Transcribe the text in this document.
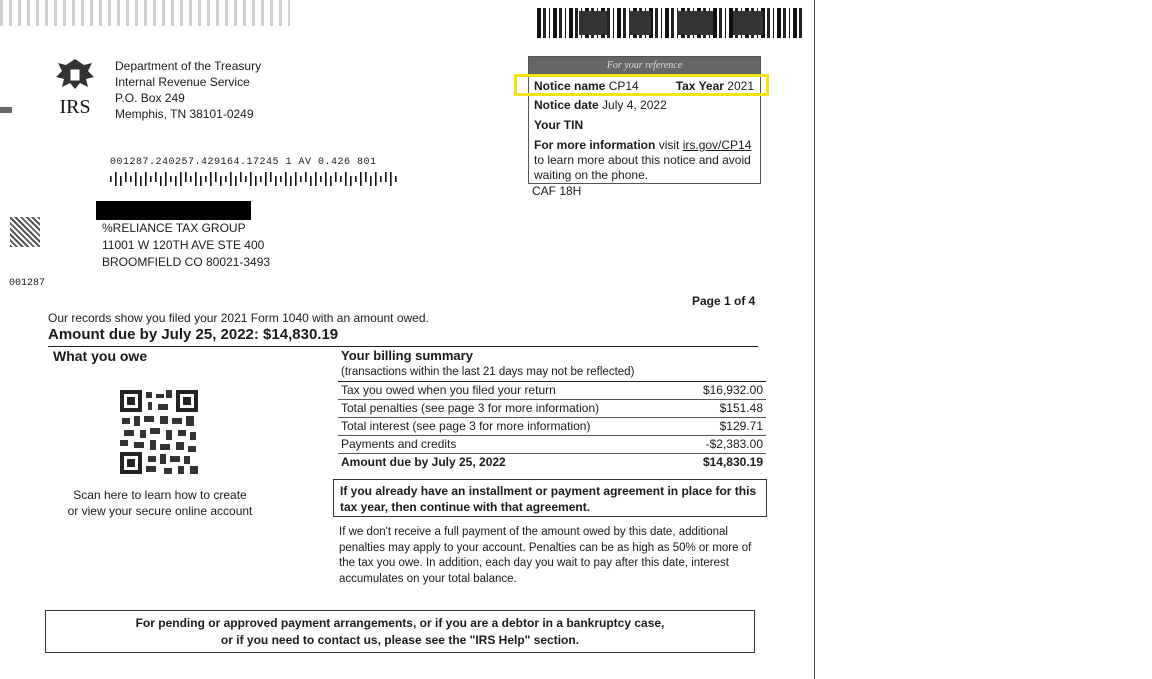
IRS
Department of the Treasury
Internal Revenue Service
P.O. Box 249
Memphis, TN 38101-0249
For your reference
Notice name CP14	Tax Year 2021
Notice date July 4, 2022
Your TIN
For more information visit irs.gov/CP14
to learn more about this notice and avoid
waiting on the phone.
CAF 18H
001287.240257.429164.17245 1 AV 0.426 801
%RELIANCE TAX GROUP
11001 W 120TH AVE STE 400
BROOMFIELD CO 80021-3493
001287
Page 1 of 4
Our records show you filed your 2021 Form 1040 with an amount owed.
Amount due by July 25, 2022: $14,830.19
What you owe
Scan here to learn how to create
or view your secure online account
Your billing summary
(transactions within the last 21 days may not be reflected)
Tax you owed when you filed your return	$16,932.00
Total penalties (see page 3 for more information)	$151.48
Total interest (see page 3 for more information)	$129.71
Payments and credits	-$2,383.00
Amount due by July 25, 2022	$14,830.19
If you already have an installment or payment agreement in place for this tax year, then continue with that agreement.
If we don't receive a full payment of the amount owed by this date, additional penalties may apply to your account. Penalties can be as high as 50% or more of the tax you owe. In addition, each day you wait to pay after this date, interest accumulates on your total balance.
For pending or approved payment arrangements, or if you are a debtor in a bankruptcy case,
or if you need to contact us, please see the "IRS Help" section.
